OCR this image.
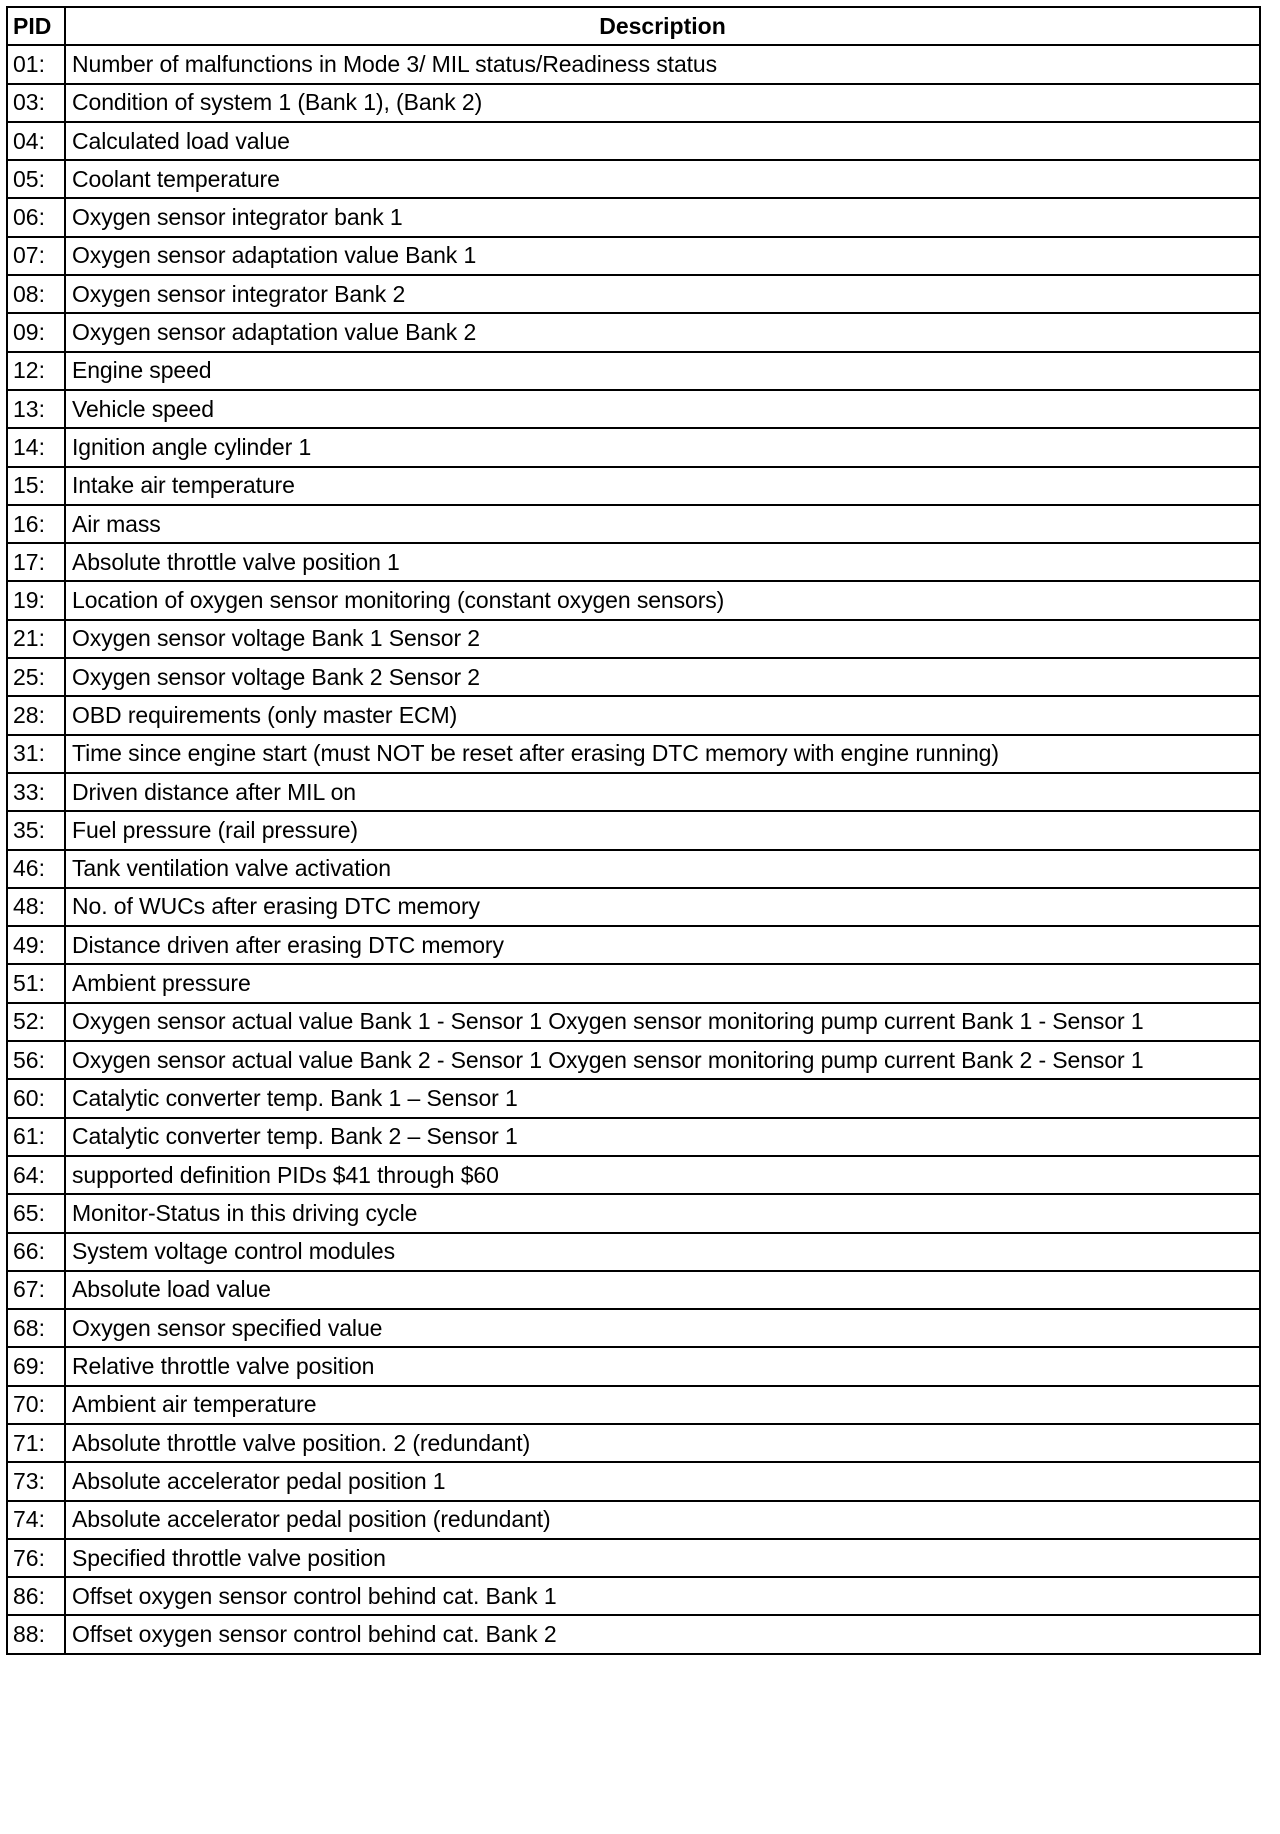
PID	Description
01:	Number of malfunctions in Mode 3/ MIL status/Readiness status
03:	Condition of system 1 (Bank 1), (Bank 2)
04:	Calculated load value
05:	Coolant temperature
06:	Oxygen sensor integrator bank 1
07:	Oxygen sensor adaptation value Bank 1
08:	Oxygen sensor integrator Bank 2
09:	Oxygen sensor adaptation value Bank 2
12:	Engine speed
13:	Vehicle speed
14:	Ignition angle cylinder 1
15:	Intake air temperature
16:	Air mass
17:	Absolute throttle valve position 1
19:	Location of oxygen sensor monitoring (constant oxygen sensors)
21:	Oxygen sensor voltage Bank 1 Sensor 2
25:	Oxygen sensor voltage Bank 2 Sensor 2
28:	OBD requirements (only master ECM)
31:	Time since engine start (must NOT be reset after erasing DTC memory with engine running)
33:	Driven distance after MIL on
35:	Fuel pressure (rail pressure)
46:	Tank ventilation valve activation
48:	No. of WUCs after erasing DTC memory
49:	Distance driven after erasing DTC memory
51:	Ambient pressure
52:	Oxygen sensor actual value Bank 1 - Sensor 1 Oxygen sensor monitoring pump current Bank 1 - Sensor 1
56:	Oxygen sensor actual value Bank 2 - Sensor 1 Oxygen sensor monitoring pump current Bank 2 - Sensor 1
60:	Catalytic converter temp. Bank 1 – Sensor 1
61:	Catalytic converter temp. Bank 2 – Sensor 1
64:	supported definition PIDs $41 through $60
65:	Monitor-Status in this driving cycle
66:	System voltage control modules
67:	Absolute load value
68:	Oxygen sensor specified value
69:	Relative throttle valve position
70:	Ambient air temperature
71:	Absolute throttle valve position. 2 (redundant)
73:	Absolute accelerator pedal position 1
74:	Absolute accelerator pedal position (redundant)
76:	Specified throttle valve position
86:	Offset oxygen sensor control behind cat. Bank 1
88:	Offset oxygen sensor control behind cat. Bank 2
